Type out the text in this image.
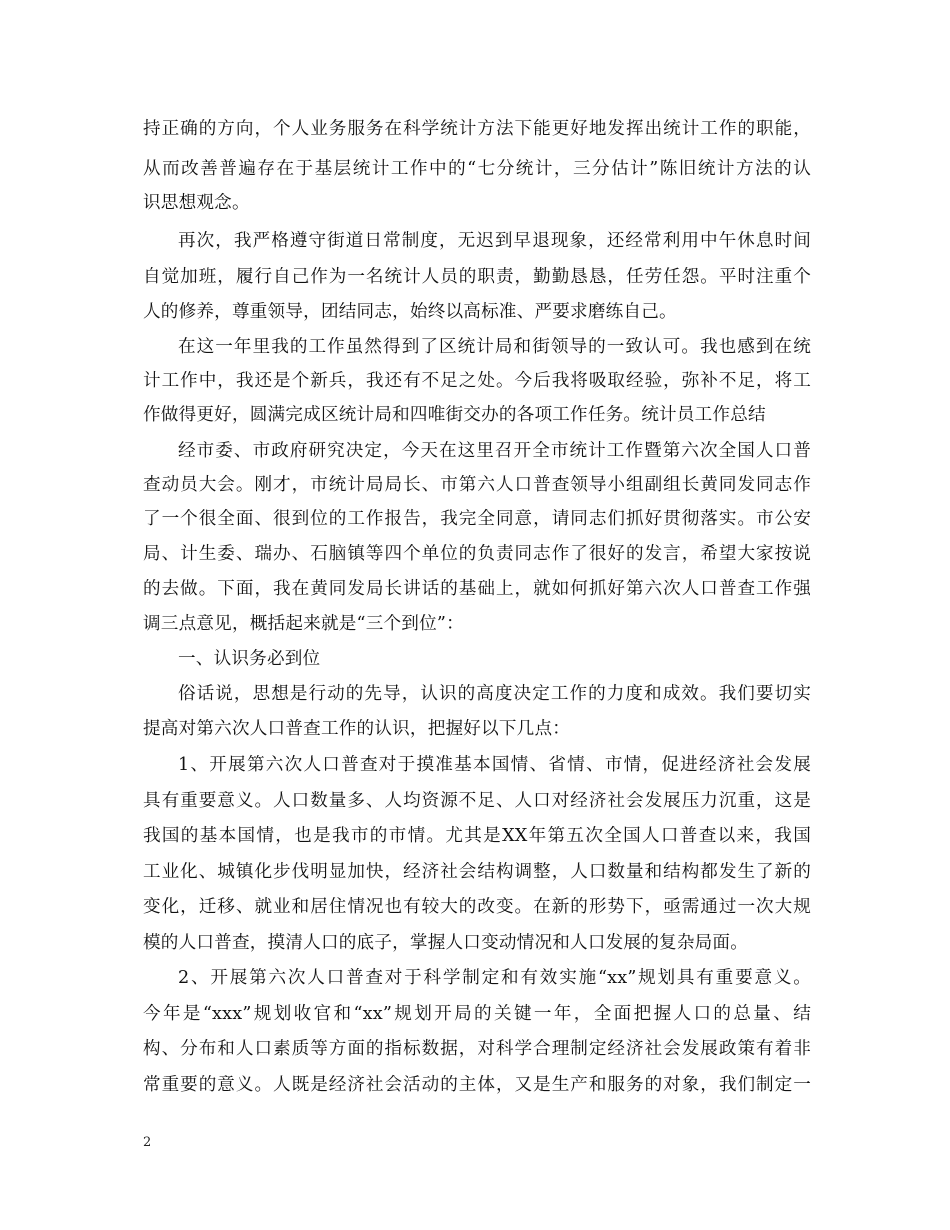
持正确的方向，个人业务服务在科学统计方法下能更好地发挥出统计工作的职能，
从而改善普遍存在于基层统计工作中的“七分统计，三分估计”陈旧统计方法的认
识思想观念。
再次，我严格遵守街道日常制度，无迟到早退现象，还经常利用中午休息时间
自觉加班，履行自己作为一名统计人员的职责，勤勤恳恳，任劳任怨。平时注重个
人的修养，尊重领导，团结同志，始终以高标准、严要求磨练自己。
在这一年里我的工作虽然得到了区统计局和街领导的一致认可。我也感到在统
计工作中，我还是个新兵，我还有不足之处。今后我将吸取经验，弥补不足，将工
作做得更好，圆满完成区统计局和四唯街交办的各项工作任务。统计员工作总结
经市委、市政府研究决定，今天在这里召开全市统计工作暨第六次全国人口普
查动员大会。刚才，市统计局局长、市第六人口普查领导小组副组长黄同发同志作
了一个很全面、很到位的工作报告，我完全同意，请同志们抓好贯彻落实。市公安
局、计生委、瑞办、石脑镇等四个单位的负责同志作了很好的发言，希望大家按说
的去做。下面，我在黄同发局长讲话的基础上，就如何抓好第六次人口普查工作强
调三点意见，概括起来就是“三个到位”：
一、认识务必到位
俗话说，思想是行动的先导，认识的高度决定工作的力度和成效。我们要切实
提高对第六次人口普查工作的认识，把握好以下几点：
1、开展第六次人口普查对于摸准基本国情、省情、市情，促进经济社会发展
具有重要意义。人口数量多、人均资源不足、人口对经济社会发展压力沉重，这是
我国的基本国情，也是我市的市情。尤其是XX年第五次全国人口普查以来，我国
工业化、城镇化步伐明显加快，经济社会结构调整，人口数量和结构都发生了新的
变化，迁移、就业和居住情况也有较大的改变。在新的形势下，亟需通过一次大规
模的人口普查，摸清人口的底子，掌握人口变动情况和人口发展的复杂局面。
2、开展第六次人口普查对于科学制定和有效实施“xx”规划具有重要意义。
今年是“xxx”规划收官和“xx”规划开局的关键一年，全面把握人口的总量、结
构、分布和人口素质等方面的指标数据，对科学合理制定经济社会发展政策有着非
常重要的意义。人既是经济社会活动的主体，又是生产和服务的对象，我们制定一
2
